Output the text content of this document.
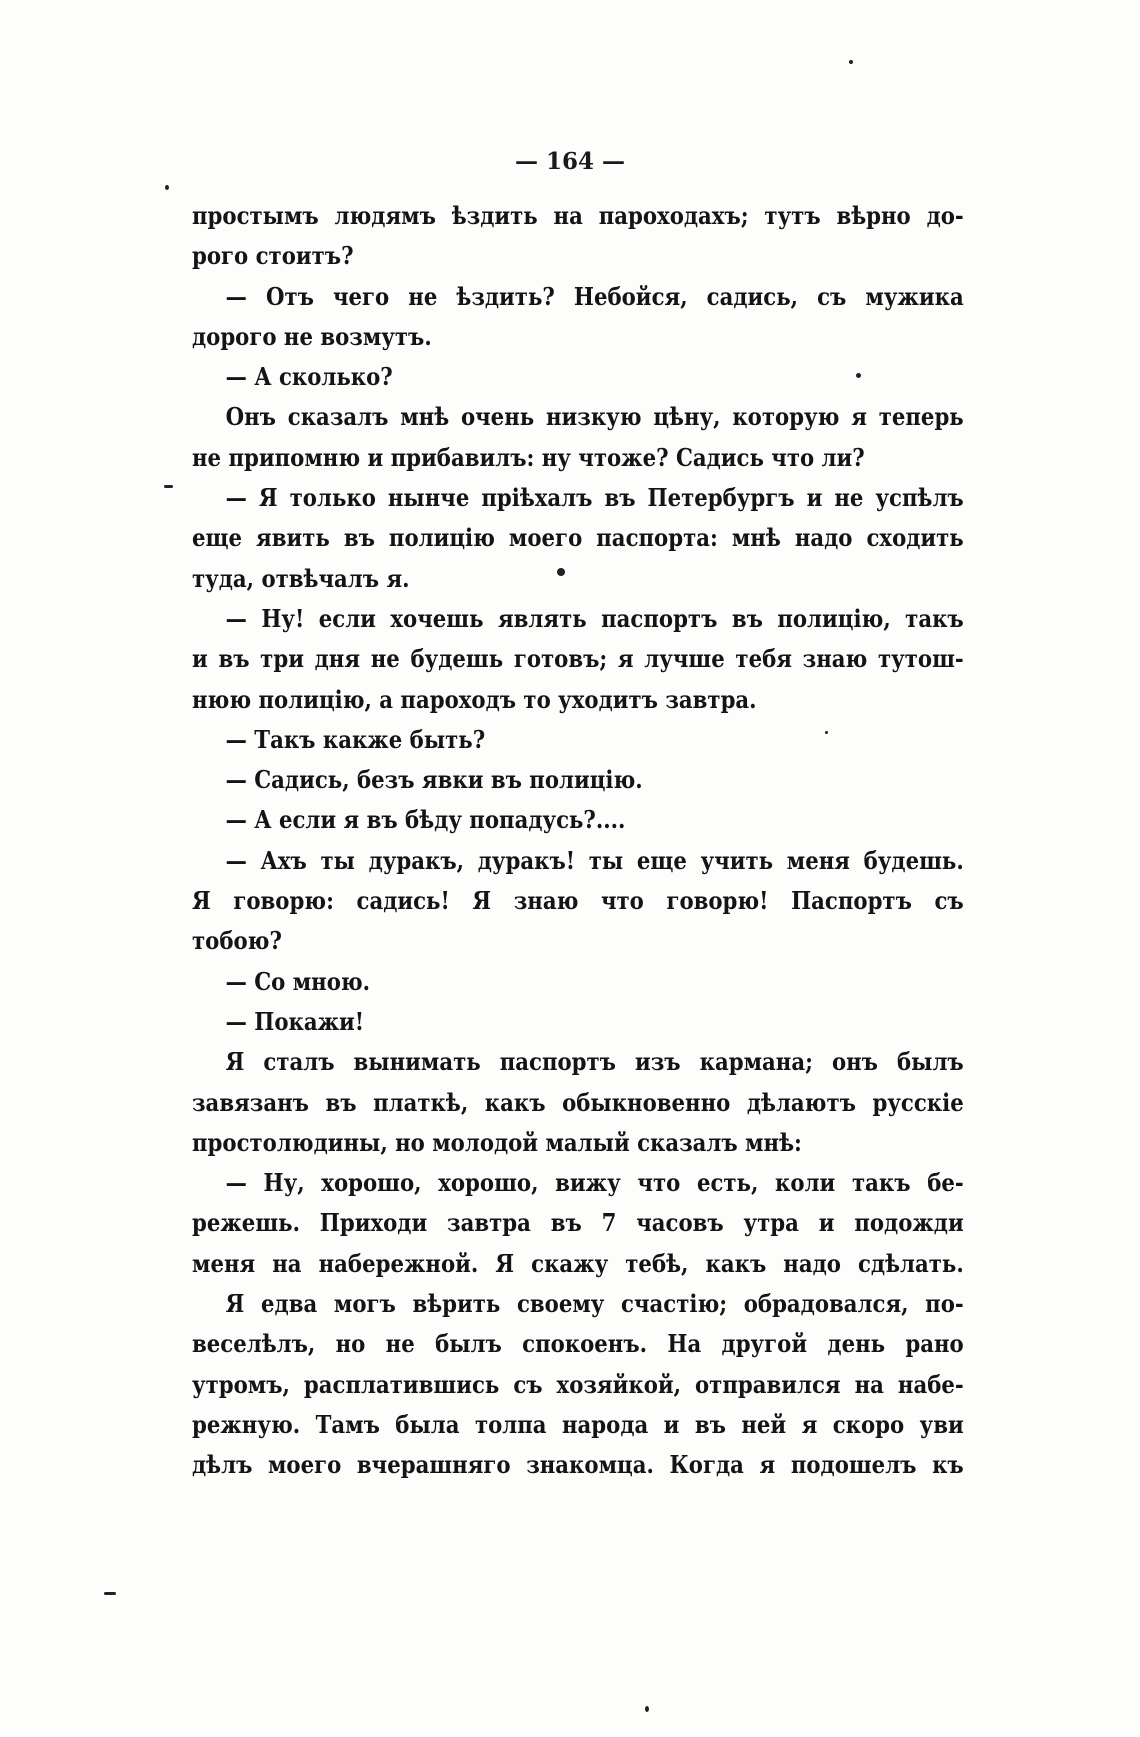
— 164 —
простымъ людямъ ѣздить на пароходахъ; тутъ вѣрно до-
рого стоитъ?
— Отъ чего не ѣздить? Небойся, садись, съ мужика
дорого не возмутъ.
— А сколько?
Онъ сказалъ мнѣ очень низкую цѣну, которую я теперь
не припомню и прибавилъ: ну чтоже? Садись что ли?
— Я только нынче пріѣхалъ въ Петербургъ и не успѣлъ
еще явить въ полицію моего паспорта: мнѣ надо сходить
туда, отвѣчалъ я.
— Ну! если хочешь являть паспортъ въ полицію, такъ
и въ три дня не будешь готовъ; я лучше тебя знаю тутош-
нюю полицію, а пароходъ то уходитъ завтра.
— Такъ какже быть?
— Садись, безъ явки въ полицію.
— А если я въ бѣду попадусь?....
— Ахъ ты дуракъ, дуракъ! ты еще учить меня будешь.
Я говорю: садись! Я знаю что говорю! Паспортъ съ
тобою?
— Со мною.
— Покажи!
Я сталъ вынимать паспортъ изъ кармана; онъ былъ
завязанъ въ платкѣ, какъ обыкновенно дѣлаютъ русскіе
простолюдины, но молодой малый сказалъ мнѣ:
— Ну, хорошо, хорошо, вижу что есть, коли такъ бе-
режешь. Приходи завтра въ 7 часовъ утра и подожди
меня на набережной. Я скажу тебѣ, какъ надо сдѣлать.
Я едва могъ вѣрить своему счастію; обрадовался, по-
веселѣлъ, но не былъ спокоенъ. На другой день рано
утромъ, расплатившись съ хозяйкой, отправился на набе-
режную. Тамъ была толпа народа и въ ней я скоро уви
дѣлъ моего вчерашняго знакомца. Когда я подошелъ къ
